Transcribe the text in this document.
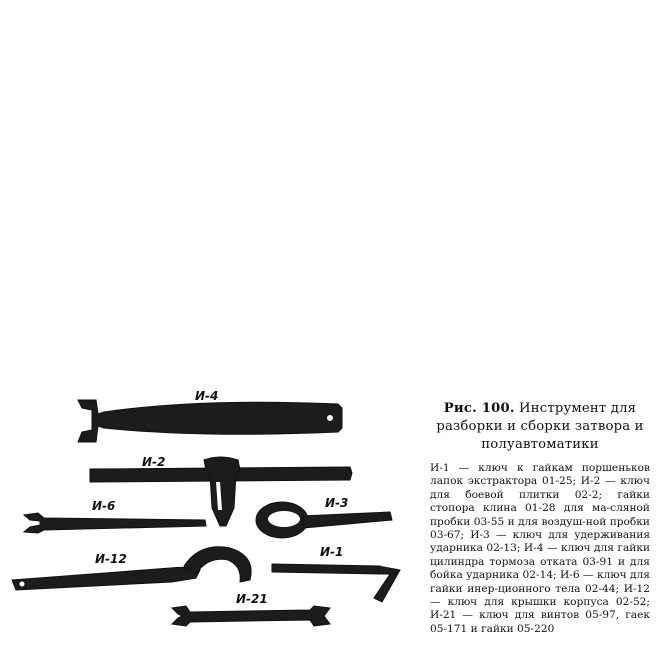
И-4
И-2
И-6	И-3
И-12	И-1
И-21
Рис. 100. Инструмент для разборки и сборки затвора и полуавтоматики
И-1 — ключ к гайкам поршеньков лапок экстрактора 01-25; И-2 — ключ для боевой плитки 02-2; гайки стопора клина 01-28 для ма-сляной пробки 03-55 и для воздуш-ной пробки 03-67; И-3 — ключ для удерживания ударника 02-13; И-4 — ключ для гайки цилиндра тормоза отката 03-91 и для бойка ударника 02-14; И-6 — ключ для гайки инер-ционного тела 02-44; И-12 — ключ для крышки корпуса 02-52; И-21 — ключ для винтов 05-97, гаек 05-171 и гайки 05-220
